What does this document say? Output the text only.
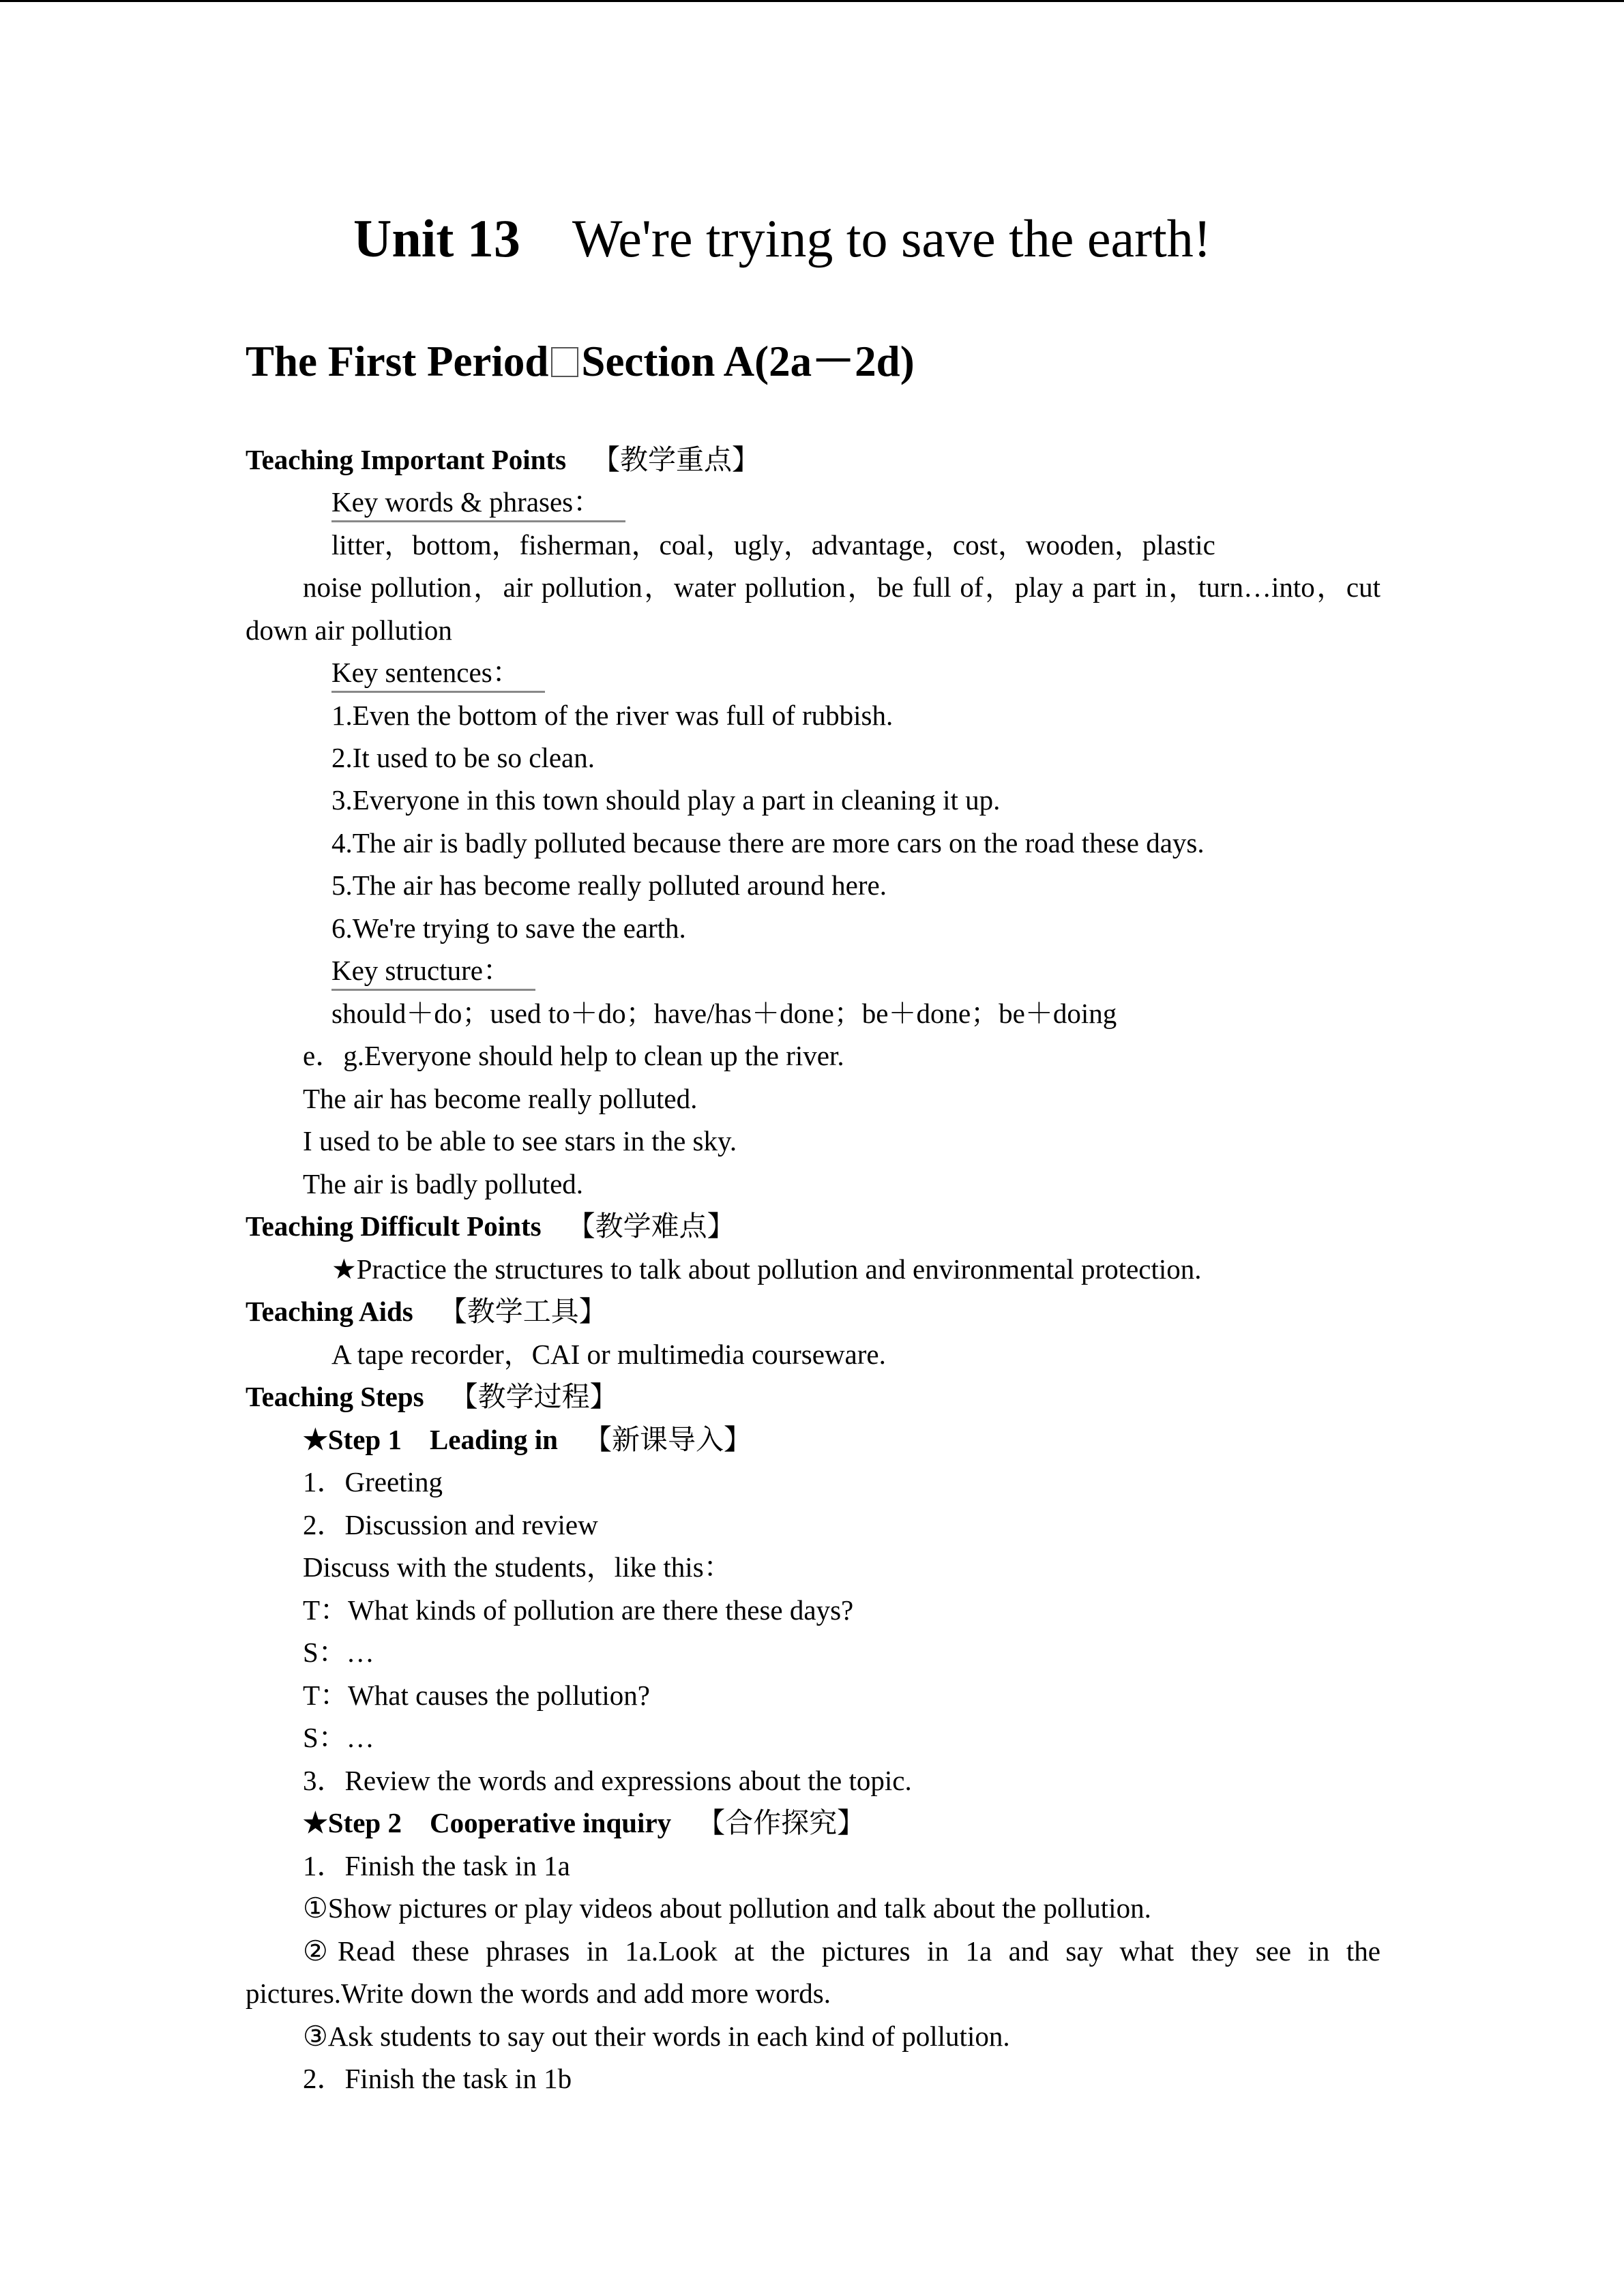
Unit 13 We're trying to save the earth!
The First Period Section A(2a－2d)
Teaching Important Points 【教学重点】
Key words & phrases：
litter，bottom，fisherman，coal，ugly，advantage，cost，wooden，plastic
noise pollution，air pollution，water pollution，be full of，play a part in，turn…into，cut
down air pollution
Key sentences：
1.Even the bottom of the river was full of rubbish.
2.It used to be so clean.
3.Everyone in this town should play a part in cleaning it up.
4.The air is badly polluted because there are more cars on the road these days.
5.The air has become really polluted around here.
6.We're trying to save the earth.
Key structure：
should＋do；used to＋do；have/has＋done；be＋done；be＋doing
e．g.Everyone should help to clean up the river.
The air has become really polluted.
I used to be able to see stars in the sky.
The air is badly polluted.
Teaching Difficult Points 【教学难点】
★Practice the structures to talk about pollution and environmental protection.
Teaching Aids 【教学工具】
A tape recorder，CAI or multimedia courseware.
Teaching Steps 【教学过程】
★Step 1　Leading in 【新课导入】
1．Greeting
2．Discussion and review
Discuss with the students，like this：
T：What kinds of pollution are there these days?
S：…
T：What causes the pollution?
S：…
3．Review the words and expressions about the topic.
★Step 2　Cooperative inquiry 【合作探究】
1．Finish the task in 1a
①Show pictures or play videos about pollution and talk about the pollution.
②Read these phrases in 1a.Look at the pictures in 1a and say what they see in the
pictures.Write down the words and add more words.
③Ask students to say out their words in each kind of pollution.
2．Finish the task in 1b
